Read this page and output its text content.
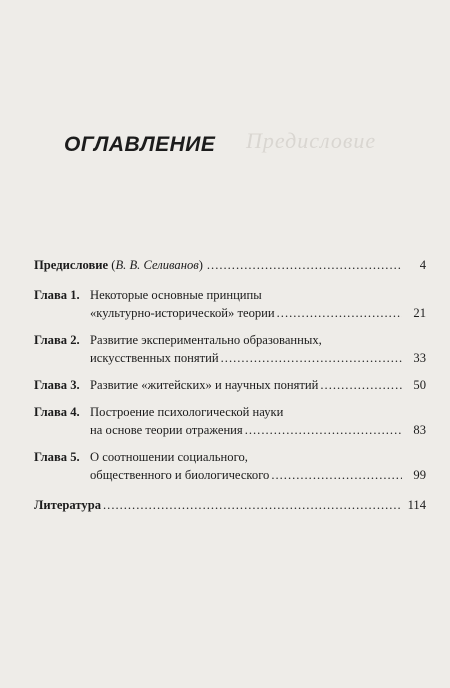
Предисловие
ОГЛАВЛЕНИЕ
Предисловие (В. В. Селиванов) .....	4
Глава 1. Некоторые основные принципы
«культурно-исторической» теории .....	21
Глава 2. Развитие экспериментально образованных,
искусственных понятий .....	33
Глава 3. Развитие «житейских» и научных понятий .....	50
Глава 4. Построение психологической науки
на основе теории отражения .....	83
Глава 5. О соотношении социального,
общественного и биологического .....	99
Литература .....	114
